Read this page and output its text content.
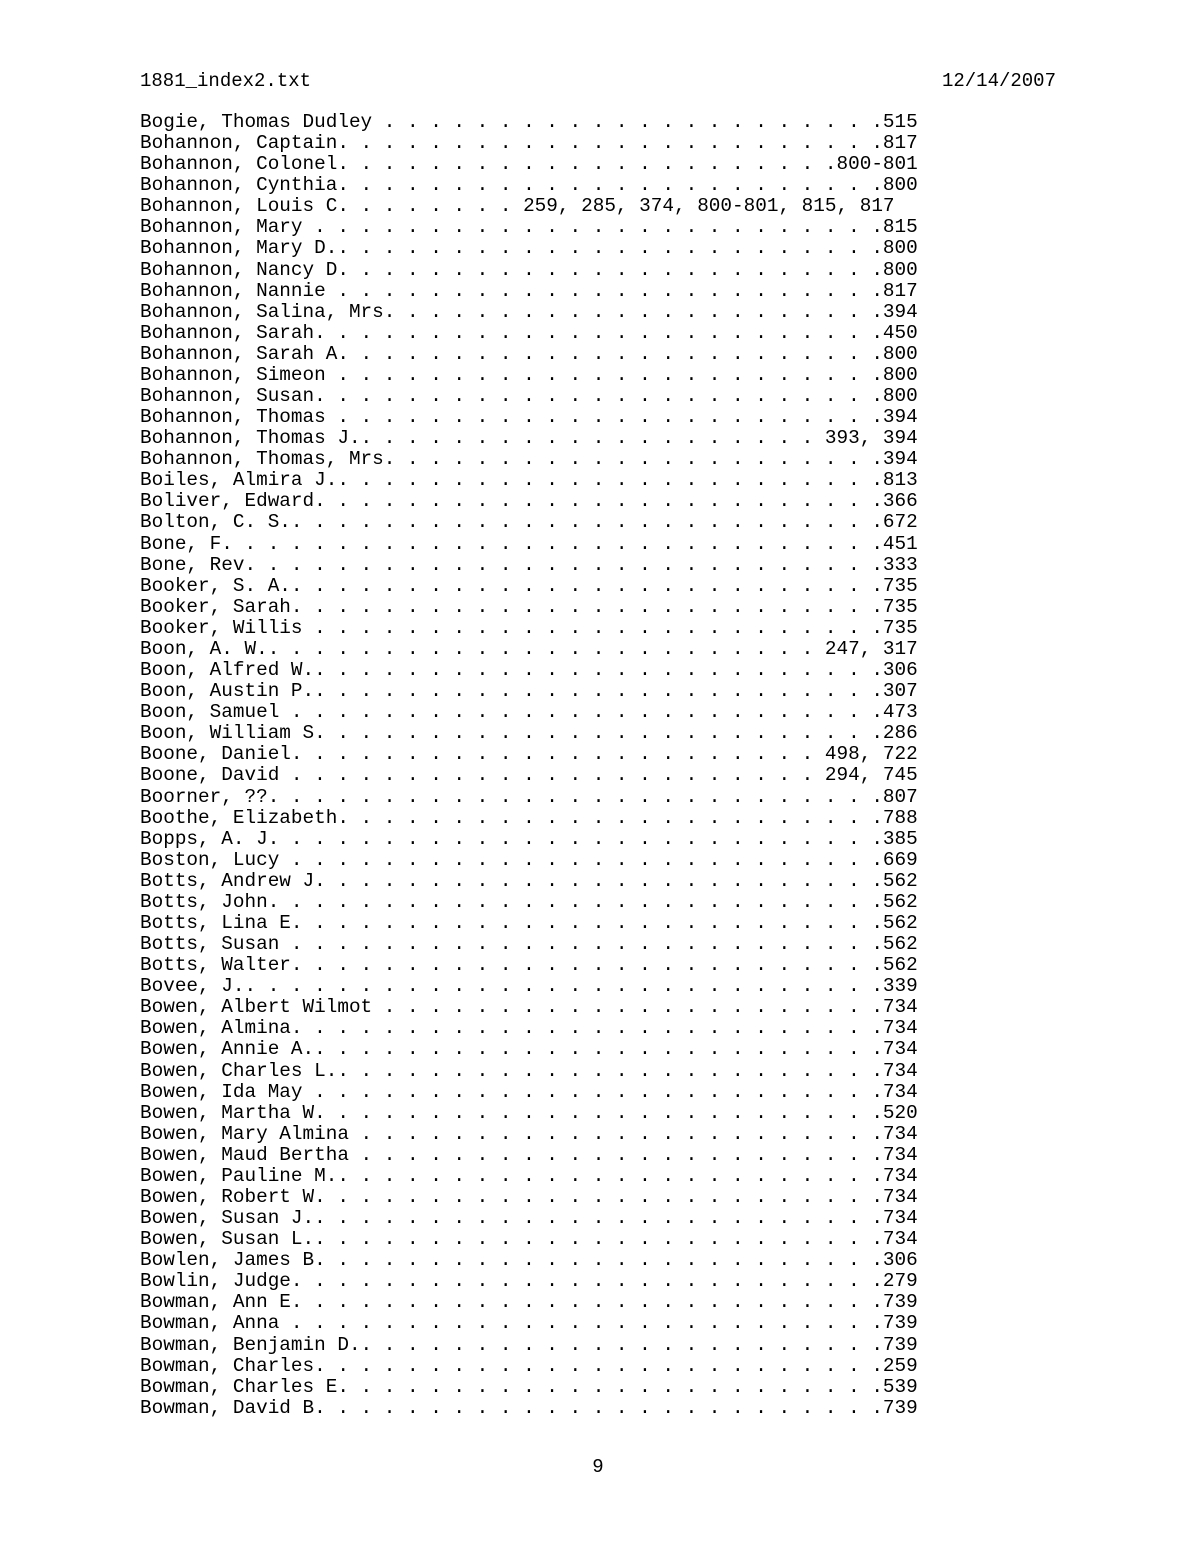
1881_index2.txt	12/14/2007
Bogie, Thomas Dudley . . . . . . . . . . . . . . . . . . . . . .515
Bohannon, Captain. . . . . . . . . . . . . . . . . . . . . . . .817
Bohannon, Colonel. . . . . . . . . . . . . . . . . . . . . .800-801
Bohannon, Cynthia. . . . . . . . . . . . . . . . . . . . . . . .800
Bohannon, Louis C. . . . . . . . 259, 285, 374, 800-801, 815, 817
Bohannon, Mary . . . . . . . . . . . . . . . . . . . . . . . . .815
Bohannon, Mary D.. . . . . . . . . . . . . . . . . . . . . . . .800
Bohannon, Nancy D. . . . . . . . . . . . . . . . . . . . . . . .800
Bohannon, Nannie . . . . . . . . . . . . . . . . . . . . . . . .817
Bohannon, Salina, Mrs. . . . . . . . . . . . . . . . . . . . . .394
Bohannon, Sarah. . . . . . . . . . . . . . . . . . . . . . . . .450
Bohannon, Sarah A. . . . . . . . . . . . . . . . . . . . . . . .800
Bohannon, Simeon . . . . . . . . . . . . . . . . . . . . . . . .800
Bohannon, Susan. . . . . . . . . . . . . . . . . . . . . . . . .800
Bohannon, Thomas . . . . . . . . . . . . . . . . . . . . . . . .394
Bohannon, Thomas J.. . . . . . . . . . . . . . . . . . . . 393, 394
Bohannon, Thomas, Mrs. . . . . . . . . . . . . . . . . . . . . .394
Boiles, Almira J.. . . . . . . . . . . . . . . . . . . . . . . .813
Boliver, Edward. . . . . . . . . . . . . . . . . . . . . . . . .366
Bolton, C. S.. . . . . . . . . . . . . . . . . . . . . . . . . .672
Bone, F. . . . . . . . . . . . . . . . . . . . . . . . . . . . .451
Bone, Rev. . . . . . . . . . . . . . . . . . . . . . . . . . . .333
Booker, S. A.. . . . . . . . . . . . . . . . . . . . . . . . . .735
Booker, Sarah. . . . . . . . . . . . . . . . . . . . . . . . . .735
Booker, Willis . . . . . . . . . . . . . . . . . . . . . . . . .735
Boon, A. W.. . . . . . . . . . . . . . . . . . . . . . . . 247, 317
Boon, Alfred W.. . . . . . . . . . . . . . . . . . . . . . . . .306
Boon, Austin P.. . . . . . . . . . . . . . . . . . . . . . . . .307
Boon, Samuel . . . . . . . . . . . . . . . . . . . . . . . . . .473
Boon, William S. . . . . . . . . . . . . . . . . . . . . . . . .286
Boone, Daniel. . . . . . . . . . . . . . . . . . . . . . . 498, 722
Boone, David . . . . . . . . . . . . . . . . . . . . . . . 294, 745
Boorner, ??. . . . . . . . . . . . . . . . . . . . . . . . . . .807
Boothe, Elizabeth. . . . . . . . . . . . . . . . . . . . . . . .788
Bopps, A. J. . . . . . . . . . . . . . . . . . . . . . . . . . .385
Boston, Lucy . . . . . . . . . . . . . . . . . . . . . . . . . .669
Botts, Andrew J. . . . . . . . . . . . . . . . . . . . . . . . .562
Botts, John. . . . . . . . . . . . . . . . . . . . . . . . . . .562
Botts, Lina E. . . . . . . . . . . . . . . . . . . . . . . . . .562
Botts, Susan . . . . . . . . . . . . . . . . . . . . . . . . . .562
Botts, Walter. . . . . . . . . . . . . . . . . . . . . . . . . .562
Bovee, J.. . . . . . . . . . . . . . . . . . . . . . . . . . . .339
Bowen, Albert Wilmot . . . . . . . . . . . . . . . . . . . . . .734
Bowen, Almina. . . . . . . . . . . . . . . . . . . . . . . . . .734
Bowen, Annie A.. . . . . . . . . . . . . . . . . . . . . . . . .734
Bowen, Charles L.. . . . . . . . . . . . . . . . . . . . . . . .734
Bowen, Ida May . . . . . . . . . . . . . . . . . . . . . . . . .734
Bowen, Martha W. . . . . . . . . . . . . . . . . . . . . . . . .520
Bowen, Mary Almina . . . . . . . . . . . . . . . . . . . . . . .734
Bowen, Maud Bertha . . . . . . . . . . . . . . . . . . . . . . .734
Bowen, Pauline M.. . . . . . . . . . . . . . . . . . . . . . . .734
Bowen, Robert W. . . . . . . . . . . . . . . . . . . . . . . . .734
Bowen, Susan J.. . . . . . . . . . . . . . . . . . . . . . . . .734
Bowen, Susan L.. . . . . . . . . . . . . . . . . . . . . . . . .734
Bowlen, James B. . . . . . . . . . . . . . . . . . . . . . . . .306
Bowlin, Judge. . . . . . . . . . . . . . . . . . . . . . . . . .279
Bowman, Ann E. . . . . . . . . . . . . . . . . . . . . . . . . .739
Bowman, Anna . . . . . . . . . . . . . . . . . . . . . . . . . .739
Bowman, Benjamin D.. . . . . . . . . . . . . . . . . . . . . . .739
Bowman, Charles. . . . . . . . . . . . . . . . . . . . . . . . .259
Bowman, Charles E. . . . . . . . . . . . . . . . . . . . . . . .539
Bowman, David B. . . . . . . . . . . . . . . . . . . . . . . . .739
9
